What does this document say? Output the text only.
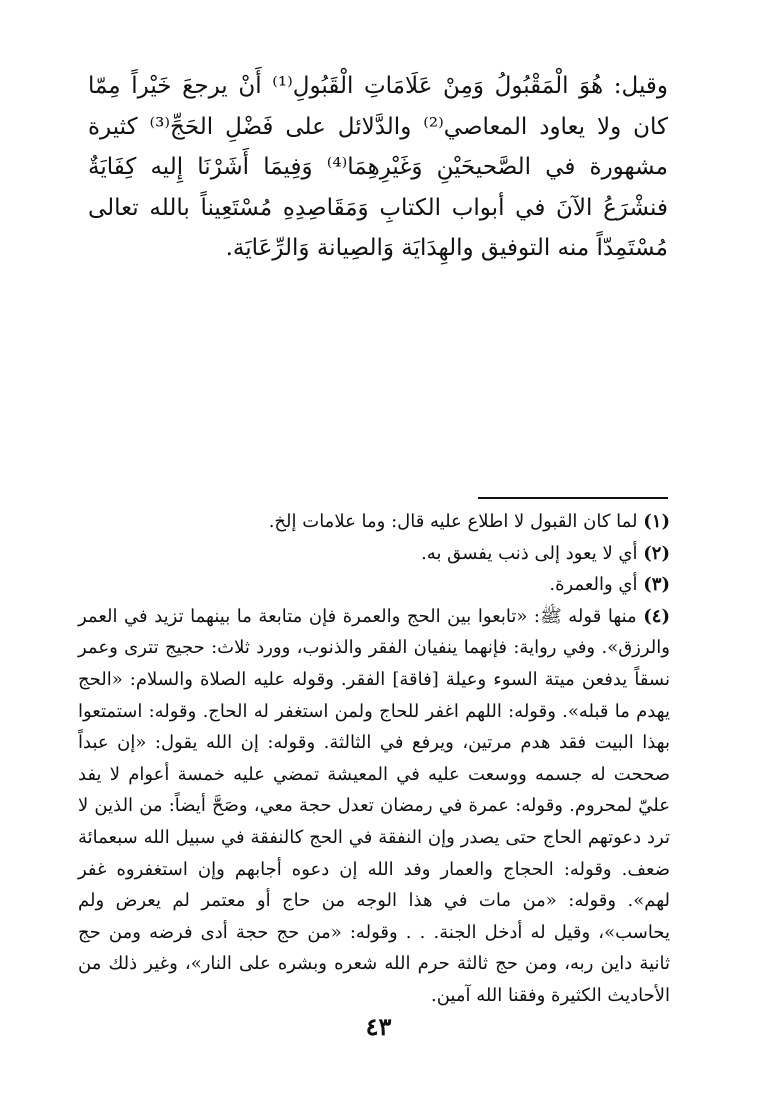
وقيل: هُوَ الْمَقْبُولُ وَمِنْ عَلَامَاتِ الْقَبُولِ⁽¹⁾ أَنْ يرجعَ خَيْراً مِمّا كان ولا يعاود المعاصي⁽²⁾ والدَّلائل على فَضْلِ الحَجِّ⁽³⁾ كثيرة مشهورة في الصَّحيحَيْنِ وَغَيْرِهِمَا⁽⁴⁾ وَفِيمَا أَشَرْنَا إِليه كِفَايَةٌ فنشْرَعُ الآنَ في أبواب الكتابِ وَمَقَاصِدِهِ مُسْتَعِيناً بالله تعالى مُسْتَمِدّاً منه التوفيق والهِدَايَة وَالصِيانة وَالرِّعَايَة.

(١) لما كان القبول لا اطلاع عليه قال: وما علامات إلخ.

(٢) أي لا يعود إلى ذنب يفسق به.

(٣) أي والعمرة.

(٤) منها قوله ﷺ: «تابعوا بين الحج والعمرة فإن متابعة ما بينهما تزيد في العمر والرزق». وفي رواية: فإنهما ينفيان الفقر والذنوب، وورد ثلاث: حجيج تترى وعمر نسقاً يدفعن ميتة السوء وعيلة [فاقة] الفقر. وقوله عليه الصلاة والسلام: «الحج يهدم ما قبله». وقوله: اللهم اغفر للحاج ولمن استغفر له الحاج. وقوله: استمتعوا بهذا البيت فقد هدم مرتين، ويرفع في الثالثة. وقوله: إن الله يقول: «إن عبداً صححت له جسمه ووسعت عليه في المعيشة تمضي عليه خمسة أعوام لا يفد عليّ لمحروم. وقوله: عمرة في رمضان تعدل حجة معي، وصَحَّ أيضاً: من الذين لا ترد دعوتهم الحاج حتى يصدر وإن النفقة في الحج كالنفقة في سبيل الله سبعمائة ضعف. وقوله: الحجاج والعمار وفد الله إن دعوه أجابهم وإن استغفروه غفر لهم». وقوله: «من مات في هذا الوجه من حاج أو معتمر لم يعرض ولم يحاسب»، وقيل له أدخل الجنة. . . وقوله: «من حج حجة أدى فرضه ومن حج ثانية داين ربه، ومن حج ثالثة حرم الله شعره وبشره على النار»، وغير ذلك من الأحاديث الكثيرة وفقنا الله آمين.

٤٣
